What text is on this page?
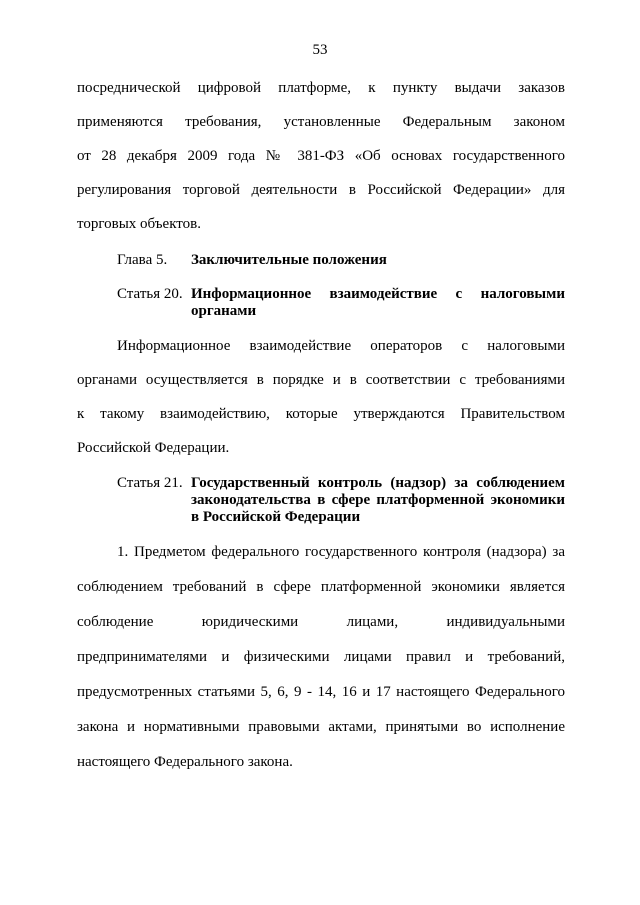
53
посреднической цифровой платформе, к пункту выдачи заказов
применяются требования, установленные Федеральным законом
от 28 декабря 2009 года № 381-ФЗ «Об основах государственного
регулирования торговой деятельности в Российской Федерации» для
торговых объектов.
Глава 5. Заключительные положения
Статья 20. Информационное взаимодействие с налоговыми
органами
Информационное взаимодействие операторов с налоговыми
органами осуществляется в порядке и в соответствии с требованиями
к такому взаимодействию, которые утверждаются Правительством
Российской Федерации.
Статья 21. Государственный контроль (надзор) за соблюдением
законодательства в сфере платформенной экономики
в Российской Федерации
1. Предметом федерального государственного контроля (надзора) за
соблюдением требований в сфере платформенной экономики является
соблюдение юридическими лицами, индивидуальными
предпринимателями и физическими лицами правил и требований,
предусмотренных статьями 5, 6, 9 - 14, 16 и 17 настоящего Федерального
закона и нормативными правовыми актами, принятыми во исполнение
настоящего Федерального закона.
